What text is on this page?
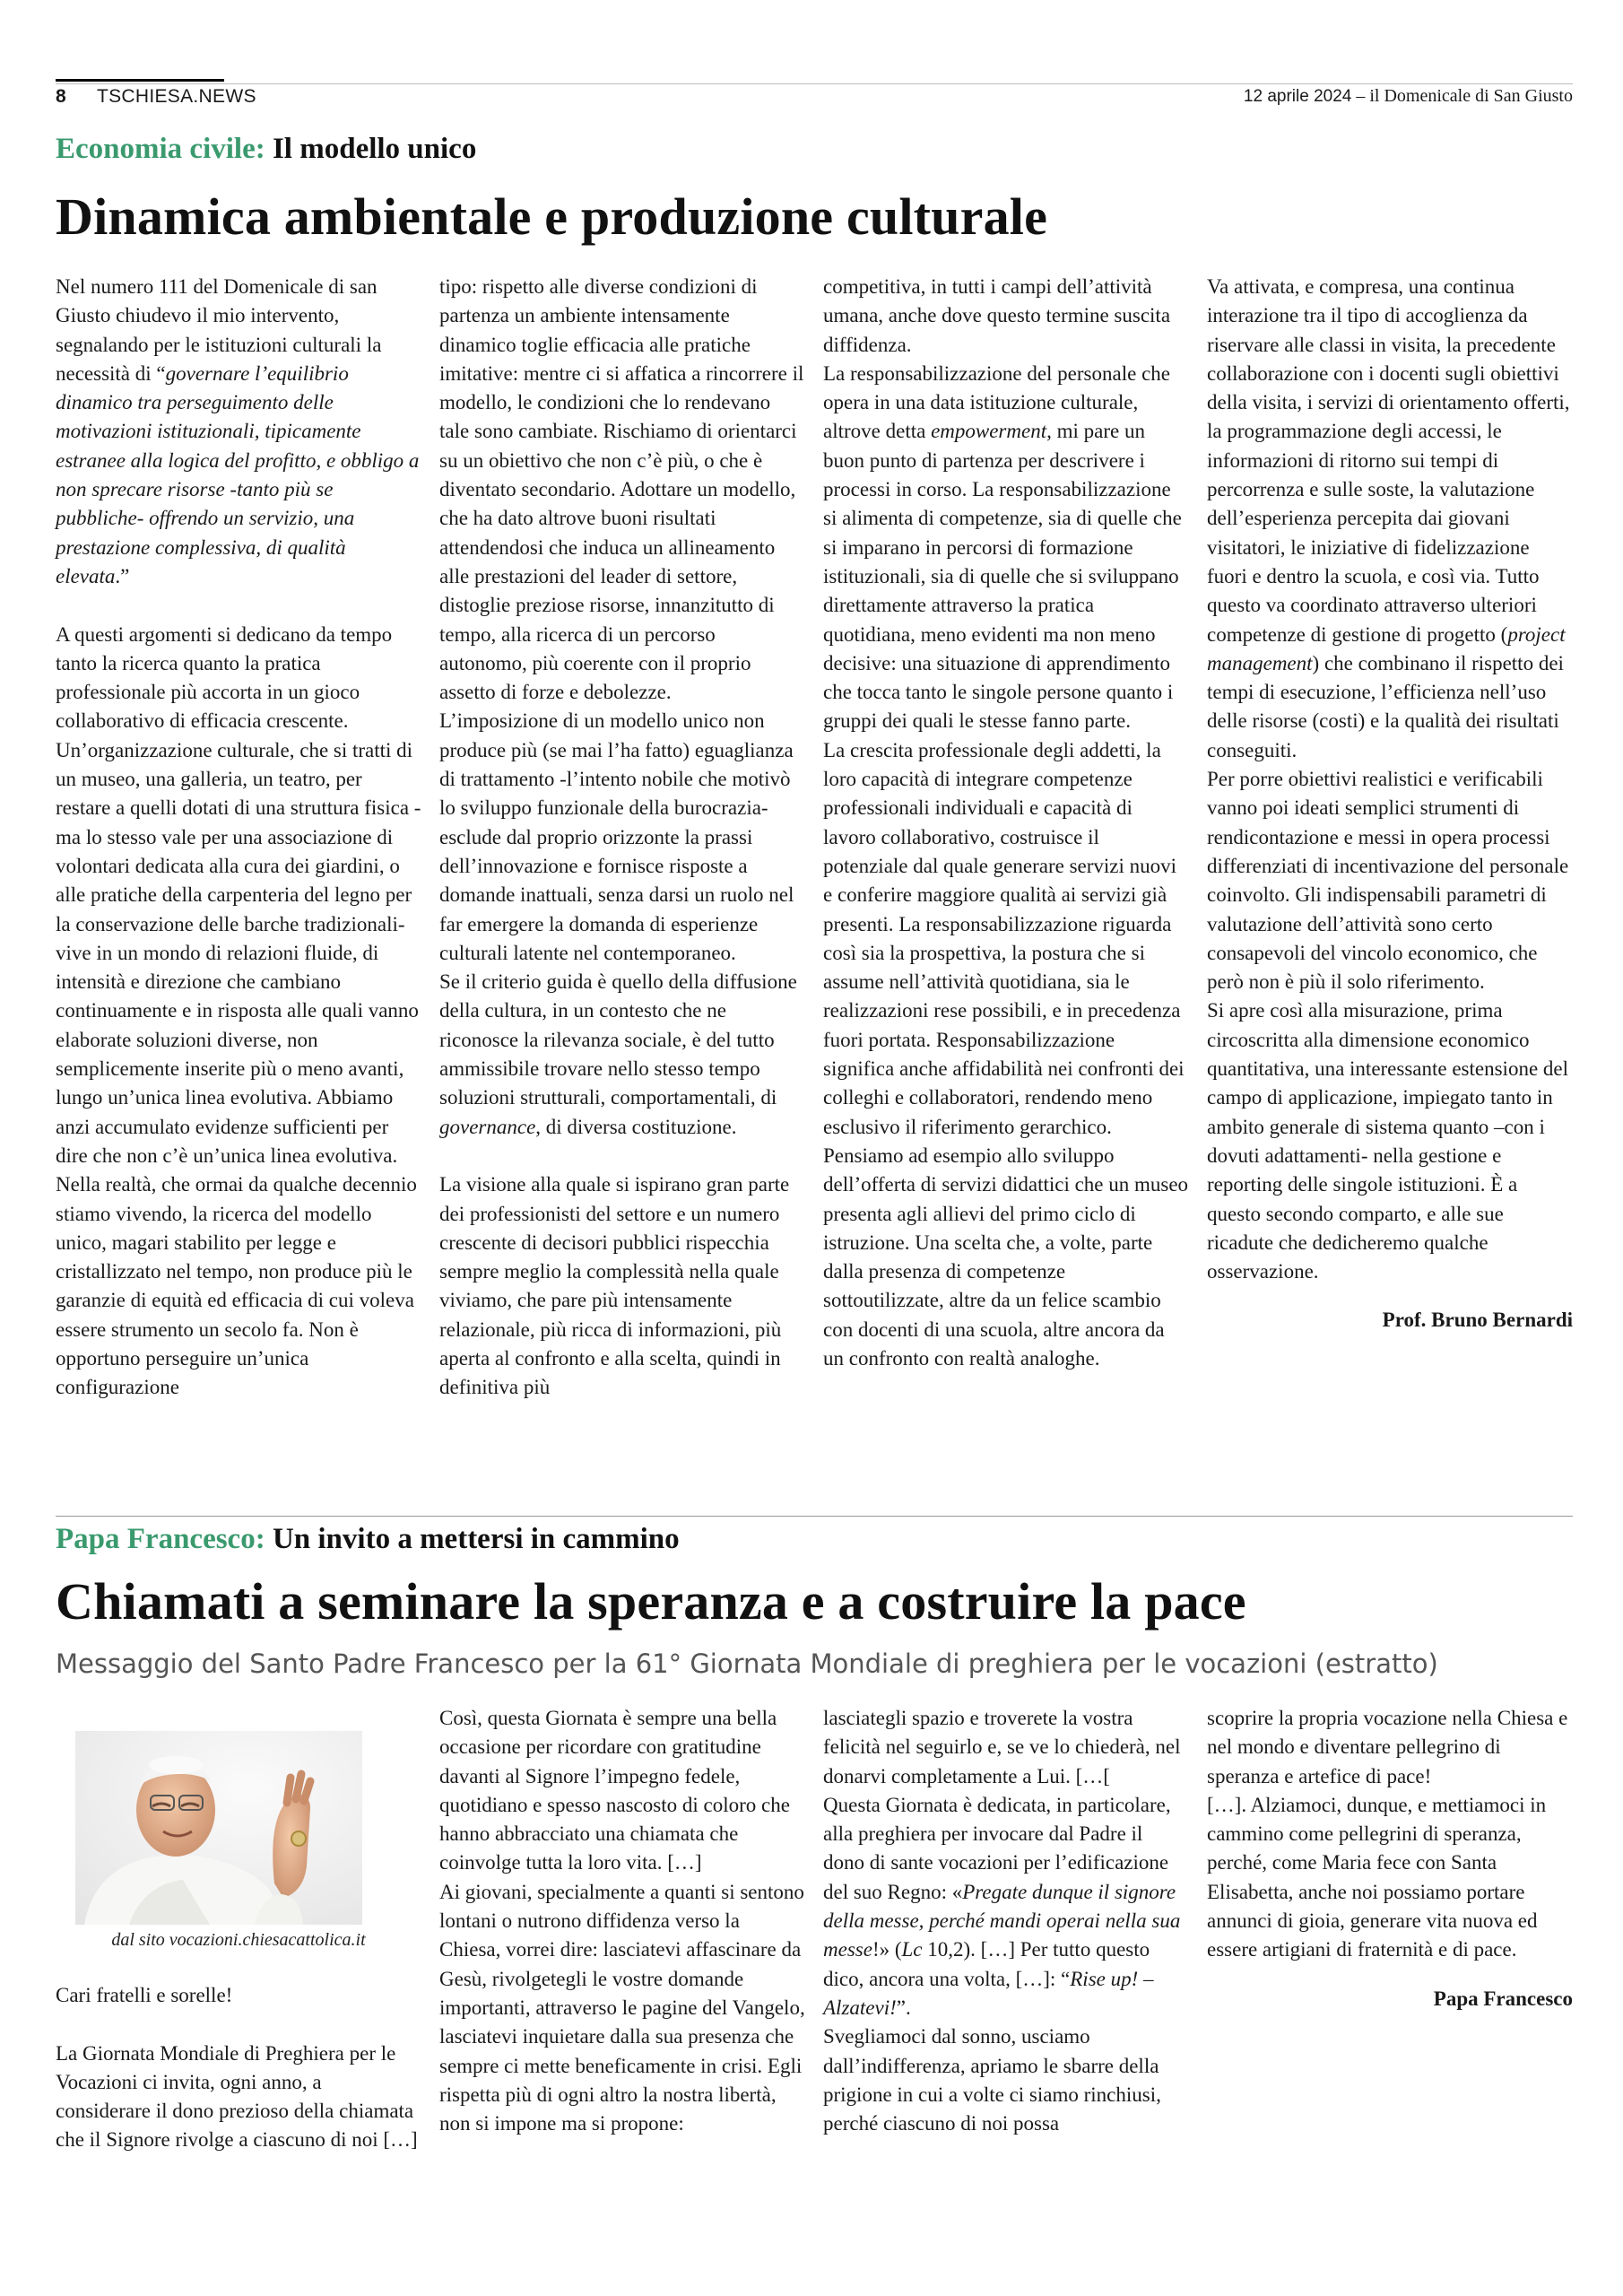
8 TSCHIESA.NEWS	12 aprile 2024 – il Domenicale di San Giusto
Economia civile: Il modello unico
Dinamica ambientale e produzione culturale

Nel numero 111 del Domenicale di san Giusto chiudevo il mio intervento, segnalando per le istituzioni culturali la necessità di “governare l’equilibrio dinamico tra perseguimento delle motivazioni istituzionali, tipicamente estranee alla logica del profitto, e obbligo a non sprecare risorse -tanto più se pubbliche- offrendo un servizio, una prestazione complessiva, di qualità elevata.”

A questi argomenti si dedicano da tempo tanto la ricerca quanto la pratica professionale più accorta in un gioco collaborativo di efficacia crescente.

Un’organizzazione culturale, che si tratti di un museo, una galleria, un teatro, per restare a quelli dotati di una struttura fisica -ma lo stesso vale per una associazione di volontari dedicata alla cura dei giardini, o alle pratiche della carpenteria del legno per la conservazione delle barche tradizionali- vive in un mondo di relazioni fluide, di intensità e direzione che cambiano continuamente e in risposta alle quali vanno elaborate soluzioni diverse, non semplicemente inserite più o meno avanti, lungo un’unica linea evolutiva. Abbiamo anzi accumulato evidenze sufficienti per dire che non c’è un’unica linea evolutiva.

Nella realtà, che ormai da qualche decennio stiamo vivendo, la ricerca del modello unico, magari stabilito per legge e cristallizzato nel tempo, non produce più le garanzie di equità ed efficacia di cui voleva essere strumento un secolo fa. Non è opportuno perseguire un’unica configurazione

tipo: rispetto alle diverse condizioni di partenza un ambiente intensamente dinamico toglie efficacia alle pratiche imitative: mentre ci si affatica a rincorrere il modello, le condizioni che lo rendevano tale sono cambiate. Rischiamo di orientarci su un obiettivo che non c’è più, o che è diventato secondario. Adottare un modello, che ha dato altrove buoni risultati attendendosi che induca un allineamento alle prestazioni del leader di settore, distoglie preziose risorse, innanzitutto di tempo, alla ricerca di un percorso autonomo, più coerente con il proprio assetto di forze e debolezze.

L’imposizione di un modello unico non produce più (se mai l’ha fatto) eguaglianza di trattamento -l’intento nobile che motivò lo sviluppo funzionale della burocrazia- esclude dal proprio orizzonte la prassi dell’innovazione e fornisce risposte a domande inattuali, senza darsi un ruolo nel far emergere la domanda di esperienze culturali latente nel contemporaneo.

Se il criterio guida è quello della diffusione della cultura, in un contesto che ne riconosce la rilevanza sociale, è del tutto ammissibile trovare nello stesso tempo soluzioni strutturali, comportamentali, di governance, di diversa costituzione.

La visione alla quale si ispirano gran parte dei professionisti del settore e un numero crescente di decisori pubblici rispecchia sempre meglio la complessità nella quale viviamo, che pare più intensamente relazionale, più ricca di informazioni, più aperta al confronto e alla scelta, quindi in definitiva più

competitiva, in tutti i campi dell’attività umana, anche dove questo termine suscita diffidenza.

La responsabilizzazione del personale che opera in una data istituzione culturale, altrove detta empowerment, mi pare un buon punto di partenza per descrivere i processi in corso. La responsabilizzazione si alimenta di competenze, sia di quelle che si imparano in percorsi di formazione istituzionali, sia di quelle che si sviluppano direttamente attraverso la pratica quotidiana, meno evidenti ma non meno decisive: una situazione di apprendimento che tocca tanto le singole persone quanto i gruppi dei quali le stesse fanno parte.

La crescita professionale degli addetti, la loro capacità di integrare competenze professionali individuali e capacità di lavoro collaborativo, costruisce il potenziale dal quale generare servizi nuovi e conferire maggiore qualità ai servizi già presenti. La responsabilizzazione riguarda così sia la prospettiva, la postura che si assume nell’attività quotidiana, sia le realizzazioni rese possibili, e in precedenza fuori portata. Responsabilizzazione significa anche affidabilità nei confronti dei colleghi e collaboratori, rendendo meno esclusivo il riferimento gerarchico.

Pensiamo ad esempio allo sviluppo dell’offerta di servizi didattici che un museo presenta agli allievi del primo ciclo di istruzione. Una scelta che, a volte, parte dalla presenza di competenze sottoutilizzate, altre da un felice scambio con docenti di una scuola, altre ancora da un confronto con realtà analoghe.

Va attivata, e compresa, una continua interazione tra il tipo di accoglienza da riservare alle classi in visita, la precedente collaborazione con i docenti sugli obiettivi della visita, i servizi di orientamento offerti, la programmazione degli accessi, le informazioni di ritorno sui tempi di percorrenza e sulle soste, la valutazione dell’esperienza percepita dai giovani visitatori, le iniziative di fidelizzazione fuori e dentro la scuola, e così via. Tutto questo va coordinato attraverso ulteriori competenze di gestione di progetto (project management) che combinano il rispetto dei tempi di esecuzione, l’efficienza nell’uso delle risorse (costi) e la qualità dei risultati conseguiti.

Per porre obiettivi realistici e verificabili vanno poi ideati semplici strumenti di rendicontazione e messi in opera processi differenziati di incentivazione del personale coinvolto. Gli indispensabili parametri di valutazione dell’attività sono certo consapevoli del vincolo economico, che però non è più il solo riferimento.

Si apre così alla misurazione, prima circoscritta alla dimensione economico quantitativa, una interessante estensione del campo di applicazione, impiegato tanto in ambito generale di sistema quanto –con i dovuti adattamenti- nella gestione e reporting delle singole istituzioni. È a questo secondo comparto, e alle sue ricadute che dedicheremo qualche osservazione.

Prof. Bruno Bernardi

Papa Francesco: Un invito a mettersi in cammino
Chiamati a seminare la speranza e a costruire la pace
Messaggio del Santo Padre Francesco per la 61° Giornata Mondiale di preghiera per le vocazioni (estratto)
dal sito vocazioni.chiesacattolica.it

Cari fratelli e sorelle!

La Giornata Mondiale di Preghiera per le Vocazioni ci invita, ogni anno, a considerare il dono prezioso della chiamata che il Signore rivolge a ciascuno di noi […]

Così, questa Giornata è sempre una bella occasione per ricordare con gratitudine davanti al Signore l’impegno fedele, quotidiano e spesso nascosto di coloro che hanno abbracciato una chiamata che coinvolge tutta la loro vita. […]

Ai giovani, specialmente a quanti si sentono lontani o nutrono diffidenza verso la Chiesa, vorrei dire: lasciatevi affascinare da Gesù, rivolgetegli le vostre domande importanti, attraverso le pagine del Vangelo, lasciatevi inquietare dalla sua presenza che sempre ci mette beneficamente in crisi. Egli rispetta più di ogni altro la nostra libertà, non si impone ma si propone:

lasciategli spazio e troverete la vostra felicità nel seguirlo e, se ve lo chiederà, nel donarvi completamente a Lui. […[

Questa Giornata è dedicata, in particolare, alla preghiera per invocare dal Padre il dono di sante vocazioni per l’edificazione del suo Regno: «Pregate dunque il signore della messe, perché mandi operai nella sua messe!» (Lc 10,2). […] Per tutto questo dico, ancora una volta, […]: “Rise up! – Alzatevi!”.

Svegliamoci dal sonno, usciamo dall’indifferenza, apriamo le sbarre della prigione in cui a volte ci siamo rinchiusi, perché ciascuno di noi possa

scoprire la propria vocazione nella Chiesa e nel mondo e diventare pellegrino di speranza e artefice di pace!

[…]. Alziamoci, dunque, e mettiamoci in cammino come pellegrini di speranza, perché, come Maria fece con Santa Elisabetta, anche noi possiamo portare annunci di gioia, generare vita nuova ed essere artigiani di fraternità e di pace.

Papa Francesco
